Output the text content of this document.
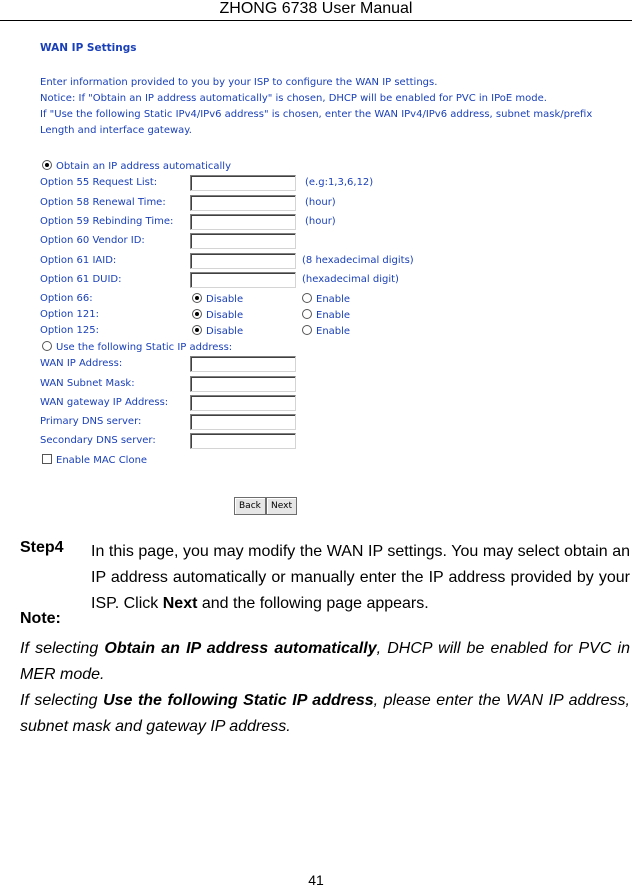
ZHONG 6738 User Manual
WAN IP Settings
Enter information provided to you by your ISP to configure the WAN IP settings.
Notice: If "Obtain an IP address automatically" is chosen, DHCP will be enabled for PVC in IPoE mode.
If "Use the following Static IPv4/IPv6 address" is chosen, enter the WAN IPv4/IPv6 address, subnet mask/prefix
Length and interface gateway.
Obtain an IP address automatically
Option 55 Request List:	(e.g:1,3,6,12)
Option 58 Renewal Time:	(hour)
Option 59 Rebinding Time:	(hour)
Option 60 Vendor ID:
Option 61 IAID:	(8 hexadecimal digits)
Option 61 DUID:	(hexadecimal digit)
Option 66:	Disable	Enable
Option 121:	Disable	Enable
Option 125:	Disable	Enable
Use the following Static IP address:
WAN IP Address:
WAN Subnet Mask:
WAN gateway IP Address:
Primary DNS server:
Secondary DNS server:
Enable MAC Clone
Back	Next
Step4 In this page, you may modify the WAN IP settings. You may select obtain an IP address automatically or manually enter the IP address provided by your ISP. Click Next and the following page appears.
Note:
If selecting Obtain an IP address automatically, DHCP will be enabled for PVC in MER mode.
If selecting Use the following Static IP address, please enter the WAN IP address, subnet mask and gateway IP address.
41
